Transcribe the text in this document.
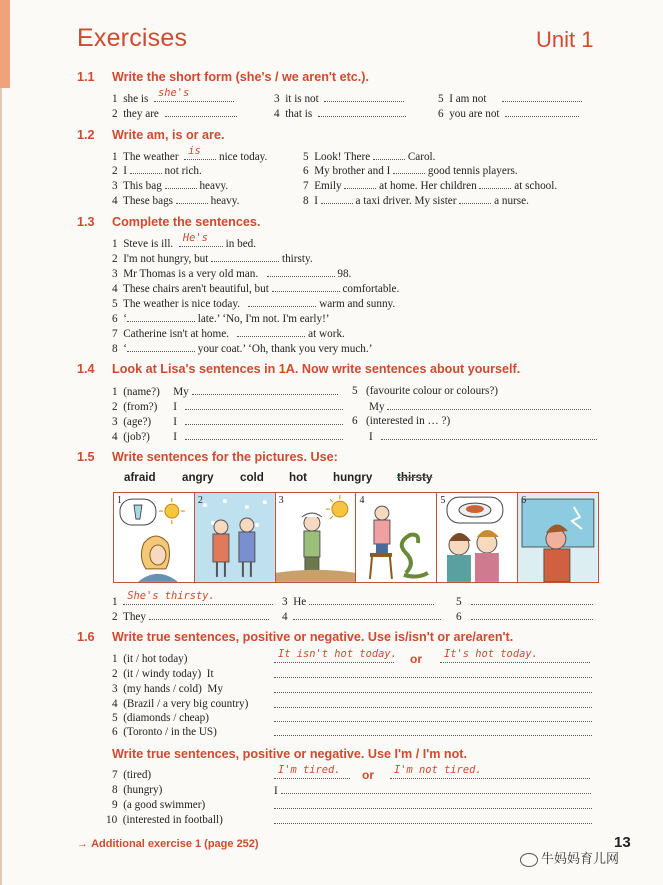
Exercises	Unit 1
1.1 Write the short form (she's / we aren't etc.).
1 she is she's
2 they are
3 it is not
4 that is
5 I am not
6 you are not
1.2 Write am, is or are.
1 The weather is nice today.
2 I	not rich.
3 This bag	heavy.
4 These bags	heavy.
5 Look! There	Carol.
6 My brother and I	good tennis players.
7 Emily	at home. Her children	at school.
8 I	a taxi driver. My sister	a nurse.
1.3 Complete the sentences.
1 Steve is ill. He's in bed.
2 I'm not hungry, but	thirsty.
3 Mr Thomas is a very old man.	98.
4 These chairs aren't beautiful, but	comfortable.
5 The weather is nice today.	warm and sunny.
6 ‘	late.’ ‘No, I'm not. I'm early!’
7 Catherine isn't at home.	at work.
8 ‘	your coat.’ ‘Oh, thank you very much.’
1.4 Look at Lisa's sentences in 1A. Now write sentences about yourself.
1 (name?) My
2 (from?) I
3 (age?) I
4 (job?) I
5 (favourite colour or colours?)
My
6 (interested in … ?)
I
1.5 Write sentences for the pictures. Use:
afraid angry cold hot hungry thirsty
1	2	3	4	5	6
1 She's thirsty.
2 They
3 He
4
5
6
1.6 Write true sentences, positive or negative. Use is/isn't or are/aren't.
1 (it / hot today)
2 (it / windy today) It
3 (my hands / cold) My
4 (Brazil / a very big country)
5 (diamonds / cheap)
6 (Toronto / in the US)
It isn't hot today. or It's hot today.
Write true sentences, positive or negative. Use I'm / I'm not.
7 (tired)
8 (hungry)
9 (a good swimmer)
10 (interested in football)
I'm tired. or I'm not tired.
I
→ Additional exercise 1 (page 252)	13
牛妈妈育儿网
